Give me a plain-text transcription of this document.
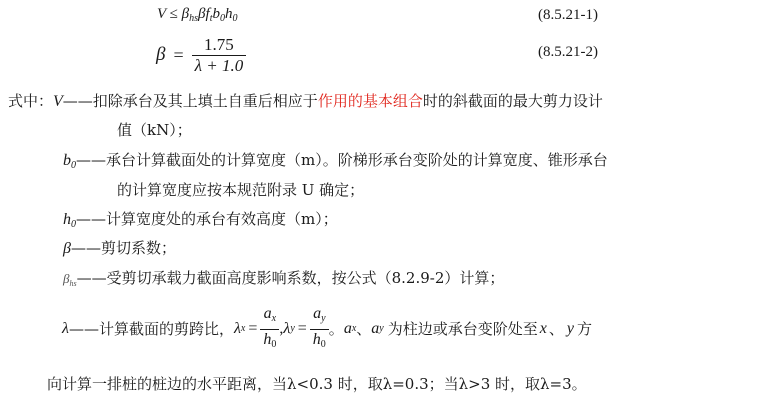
$V \le \beta_{hs}\beta f_tb_0h_0$	(8.5.21-1)
$\beta = \frac{1.75}{\lambda + 1.0}$	(8.5.21-2)
式中：V——扣除承台及其上填土自重后相应于作用的基本组合时的斜截面的最大剪力设计
值（kN）；
$b_0——$承台计算截面处的计算宽度（m）。阶梯形承台变阶处的计算宽度、锥形承台
的计算宽度应按本规范附录 U 确定；
$h_0——$计算宽度处的承台有效高度（m）；
β——剪切系数；
$\beta_{hs}——$受剪切承载力截面高度影响系数，按公式（8.2.9-2）计算；
λ ——计算截面的剪跨比， λ $x = \frac{a_x}{h_0}$ , λ $y = \frac{a_y}{h_0}$ 。 a x 、 a y 为柱边或承台变阶处至 x 、 y 方
向计算一排桩的桩边的水平距离，当λ<0.3 时，取λ=0.3；当λ>3 时，取λ=3。
